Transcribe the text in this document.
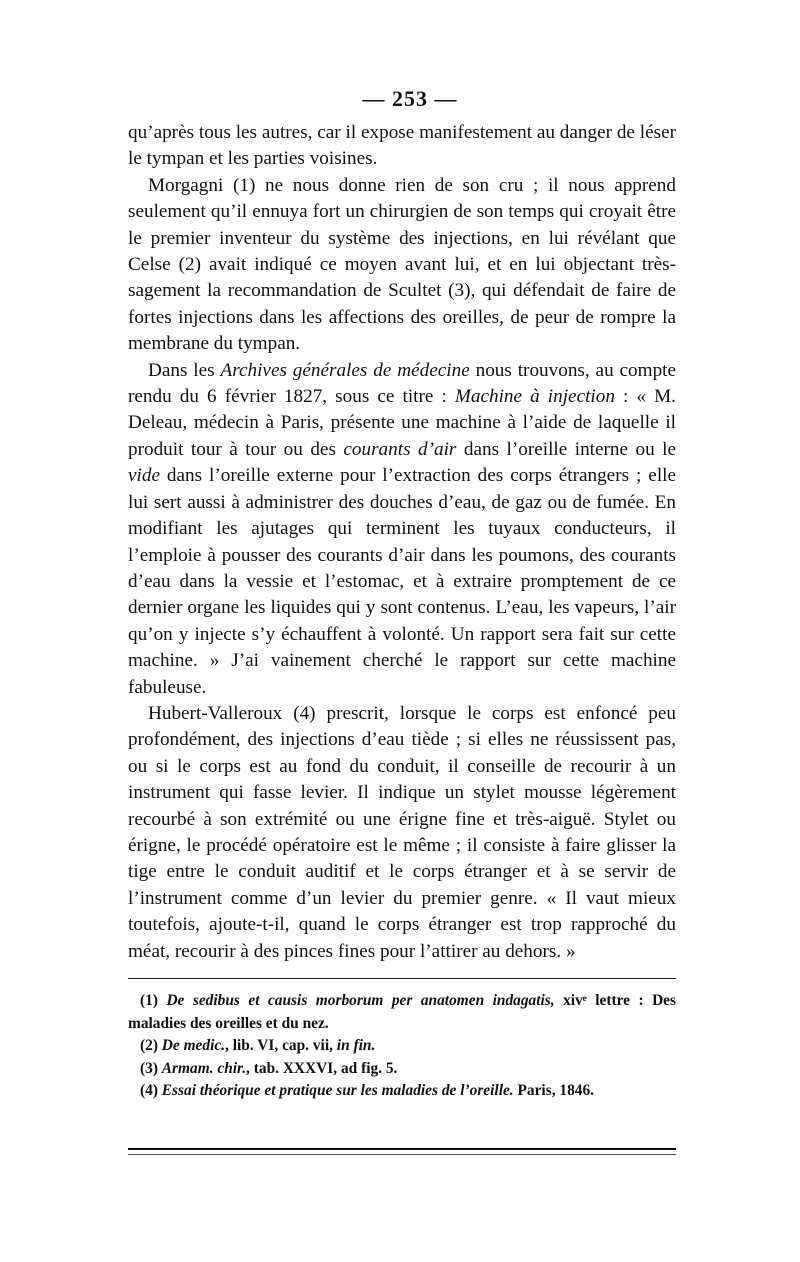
— 253 —

qu’après tous les autres, car il expose manifestement au danger de léser le tympan et les parties voisines.

Morgagni (1) ne nous donne rien de son cru ; il nous apprend seulement qu’il ennuya fort un chirurgien de son temps qui croyait être le premier inventeur du système des injections, en lui révélant que Celse (2) avait indiqué ce moyen avant lui, et en lui objectant très-sagement la recommandation de Scultet (3), qui défendait de faire de fortes injections dans les affections des oreilles, de peur de rompre la membrane du tympan.

Dans les Archives générales de médecine nous trouvons, au compte rendu du 6 février 1827, sous ce titre : Machine à injection : « M. Deleau, médecin à Paris, présente une machine à l’aide de laquelle il produit tour à tour ou des courants d’air dans l’oreille interne ou le vide dans l’oreille externe pour l’extraction des corps étrangers ; elle lui sert aussi à administrer des douches d’eau, de gaz ou de fumée. En modifiant les ajutages qui terminent les tuyaux conducteurs, il l’emploie à pousser des courants d’air dans les poumons, des courants d’eau dans la vessie et l’estomac, et à extraire promptement de ce dernier organe les liquides qui y sont contenus. L’eau, les vapeurs, l’air qu’on y injecte s’y échauffent à volonté. Un rapport sera fait sur cette machine. » J’ai vainement cherché le rapport sur cette machine fabuleuse.

Hubert-Valleroux (4) prescrit, lorsque le corps est enfoncé peu profondément, des injections d’eau tiède ; si elles ne réussissent pas, ou si le corps est au fond du conduit, il conseille de recourir à un instrument qui fasse levier. Il indique un stylet mousse légèrement recourbé à son extrémité ou une érigne fine et très-aiguë. Stylet ou érigne, le procédé opératoire est le même ; il consiste à faire glisser la tige entre le conduit auditif et le corps étranger et à se servir de l’instrument comme d’un levier du premier genre. « Il vaut mieux toutefois, ajoute-t-il, quand le corps étranger est trop rapproché du méat, recourir à des pinces fines pour l’attirer au dehors. »

(1) De sedibus et causis morborum per anatomen indagatis, xivᵉ lettre : Des maladies des oreilles et du nez.

(2) De medic., lib. VI, cap. vii, in fin.

(3) Armam. chir., tab. XXXVI, ad fig. 5.

(4) Essai théorique et pratique sur les maladies de l’oreille. Paris, 1846.
